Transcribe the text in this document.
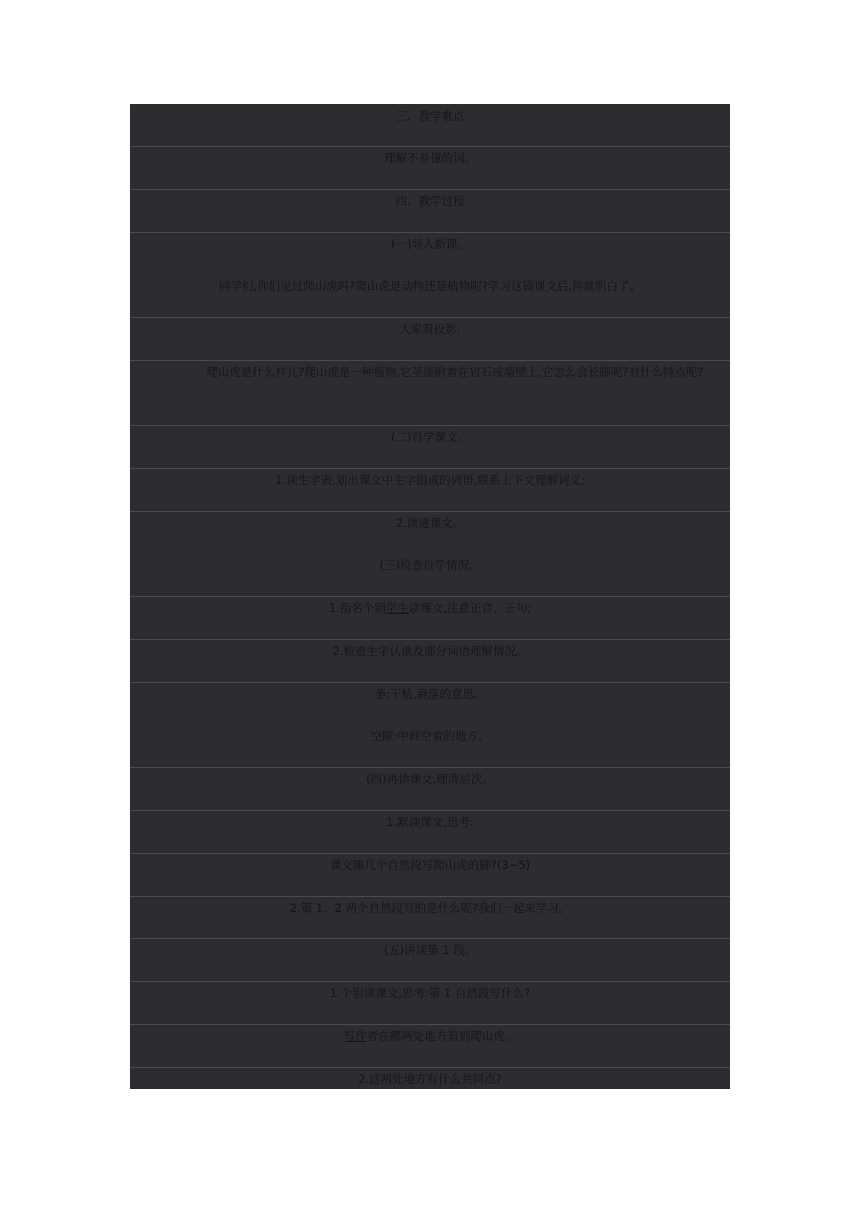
三、教学难点
理解不易懂的词。
四、教学过程
(一)导入新课。
同学们,你们见过爬山虎吗?爬山虎是动物还是植物呢?学习这篇课文后,你就明白了。
大家看投影:
爬山虎是什么样儿?爬山虎是一种植物,它茎能附着在岩石或墙壁上,它怎么会长脚呢?有什么特点呢?
(二)自学课文。
1.读生字表,划出课文中生字组成的词语,联系上下文理解词义;
2.读通课文。
(三)检查自学情况。
1.指名个别学生读课文,注意正音、正句;
2.检查生字认读及部分词语理解情况。
萎:干枯,衰落的意思。
空隙:中间空着的地方。
(四)再读课文,理清层次。
1.默读课文,思考:
课文哪几个自然段写爬山虎的脚?(3~5)
2.第 1、2 两个自然段写的是什么呢?我们一起来学习。
(五)讲读第 1 段。
1.个别读课文,思考:第 1 自然段写什么?
写作者在哪两处地方看到爬山虎。
2.这两处地方有什么共同点?
